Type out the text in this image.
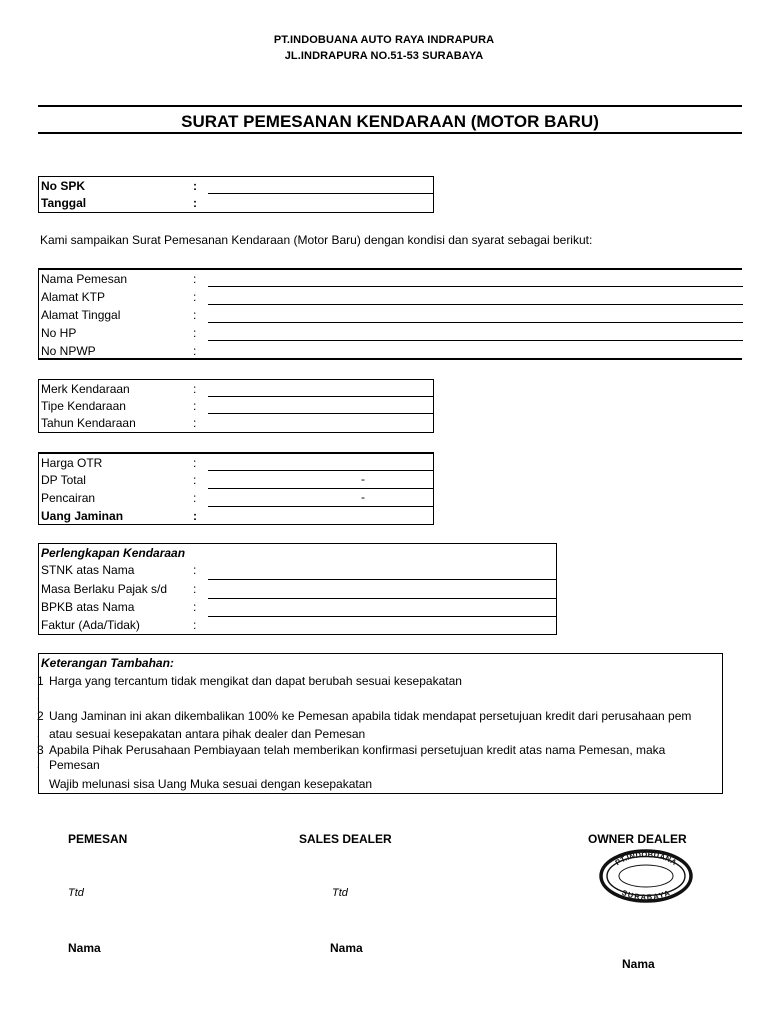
PT.INDOBUANA AUTO RAYA INDRAPURA
JL.INDRAPURA NO.51-53 SURABAYA
SURAT PEMESANAN KENDARAAN (MOTOR BARU)
No SPK	:
Tanggal	:
Kami sampaikan Surat Pemesanan Kendaraan (Motor Baru) dengan kondisi dan syarat sebagai berikut:
Nama Pemesan	:
Alamat KTP	:
Alamat Tinggal	:
No HP	:
No NPWP	:
Merk Kendaraan	:
Tipe Kendaraan	:
Tahun Kendaraan	:
Harga OTR	:
DP Total	:	-
Pencairan	:	-
Uang Jaminan	:
Perlengkapan Kendaraan
STNK atas Nama	:
Masa Berlaku Pajak s/d :
BPKB atas Nama	:
Faktur (Ada/Tidak)	:
Keterangan Tambahan:
1 Harga yang tercantum tidak mengikat dan dapat berubah sesuai kesepakatan
.
2 Uang Jaminan ini akan dikembalikan 100% ke Pemesan apabila tidak mendapat persetujuan kredit dari perusahaan pem
. atau sesuai kesepakatan antara pihak dealer dan Pemesan
3 Apabila Pihak Perusahaan Pembiayaan telah memberikan konfirmasi persetujuan kredit atas nama Pemesan, maka
. Pemesan
Wajib melunasi sisa Uang Muka sesuai dengan kesepakatan
PEMESAN	SALES DEALER	OWNER DEALER
Ttd	Ttd
PT.INDOBUANA
SURABAYA
Nama	Nama
Nama
